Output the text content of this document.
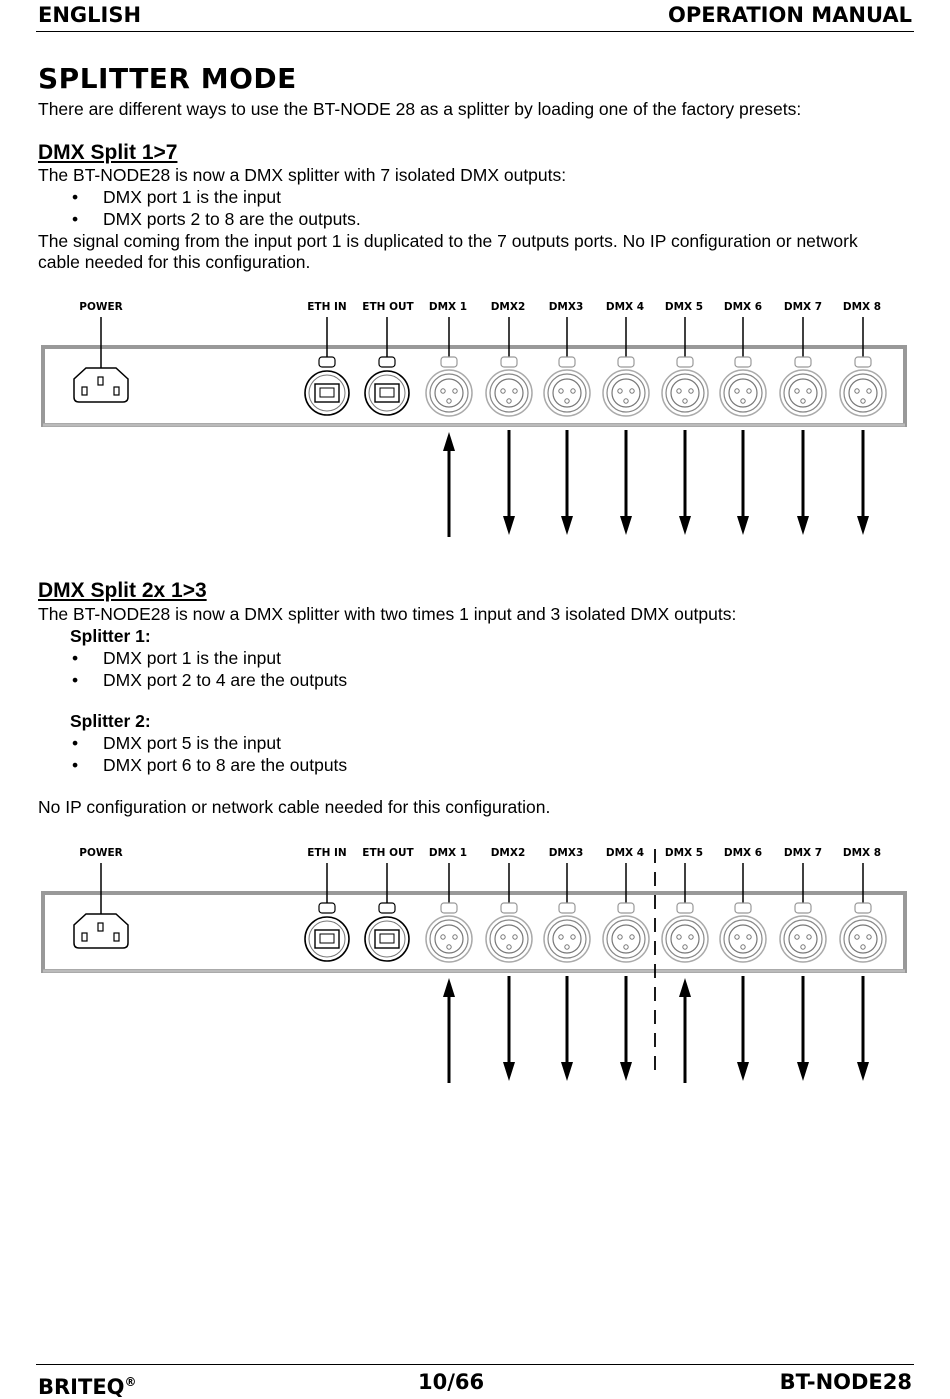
ENGLISH	OPERATION MANUAL
SPLITTER MODE
There are different ways to use the BT-NODE 28 as a splitter by loading one of the factory presets:
DMX Split 1>7
The BT-NODE28 is now a DMX splitter with 7 isolated DMX outputs:
• DMX port 1 is the input
• DMX ports 2 to 8 are the outputs.
The signal coming from the input port 1 is duplicated to the 7 outputs ports. No IP configuration or network
cable needed for this configuration.
POWER	ETH IN ETH OUT DMX 1 DMX2 DMX3 DMX 4 DMX 5 DMX 6 DMX 7 DMX 8
DMX Split 2x 1>3
The BT-NODE28 is now a DMX splitter with two times 1 input and 3 isolated DMX outputs:
Splitter 1:
• DMX port 1 is the input
• DMX port 2 to 4 are the outputs
Splitter 2:
• DMX port 5 is the input
• DMX port 6 to 8 are the outputs
No IP configuration or network cable needed for this configuration.
POWER	ETH IN ETH OUT DMX 1 DMX2 DMX3 DMX 4 DMX 5 DMX 6 DMX 7 DMX 8
BRITEQ®	10/66	BT-NODE28
